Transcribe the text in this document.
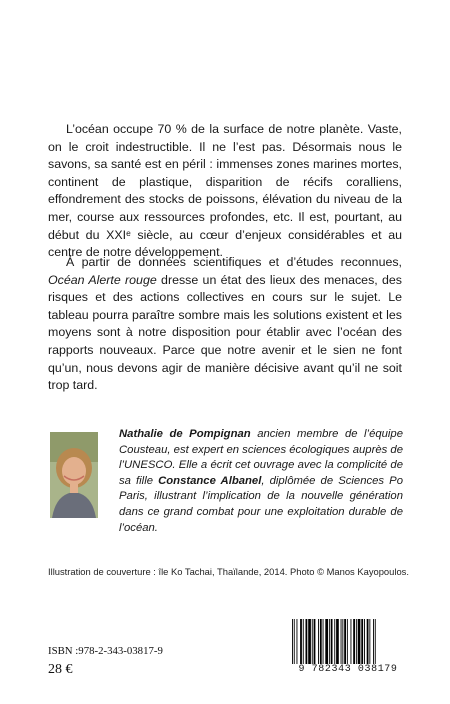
L’océan occupe 70 % de la surface de notre planète. Vaste, on le croit indestructible. Il ne l’est pas. Désormais nous le savons, sa santé est en péril : immenses zones marines mortes, continent de plastique, disparition de récifs coralliens, effondrement des stocks de poissons, élévation du niveau de la mer, course aux ressources profondes, etc. Il est, pourtant, au début du XXIᵉ siècle, au cœur d’enjeux considérables et au centre de notre développement.

À partir de données scientifiques et d’études reconnues, Océan Alerte rouge dresse un état des lieux des menaces, des risques et des actions collectives en cours sur le sujet. Le tableau pourra paraître sombre mais les solutions existent et les moyens sont à notre disposition pour établir avec l’océan des rapports nouveaux. Parce que notre avenir et le sien ne font qu’un, nous devons agir de manière décisive avant qu’il ne soit trop tard.

Nathalie de Pompignan ancien membre de l’équipe Cousteau, est expert en sciences écologiques auprès de l’UNESCO. Elle a écrit cet ouvrage avec la complicité de sa fille Constance Albanel, diplômée de Sciences Po Paris, illustrant l’implication de la nouvelle génération dans ce grand combat pour une exploitation durable de l’océan.

Illustration de couverture : île Ko Tachai, Thaïlande, 2014. Photo © Manos Kayopoulos.
ISBN :978-2-343-03817-9
28 €	9 782343 038179
